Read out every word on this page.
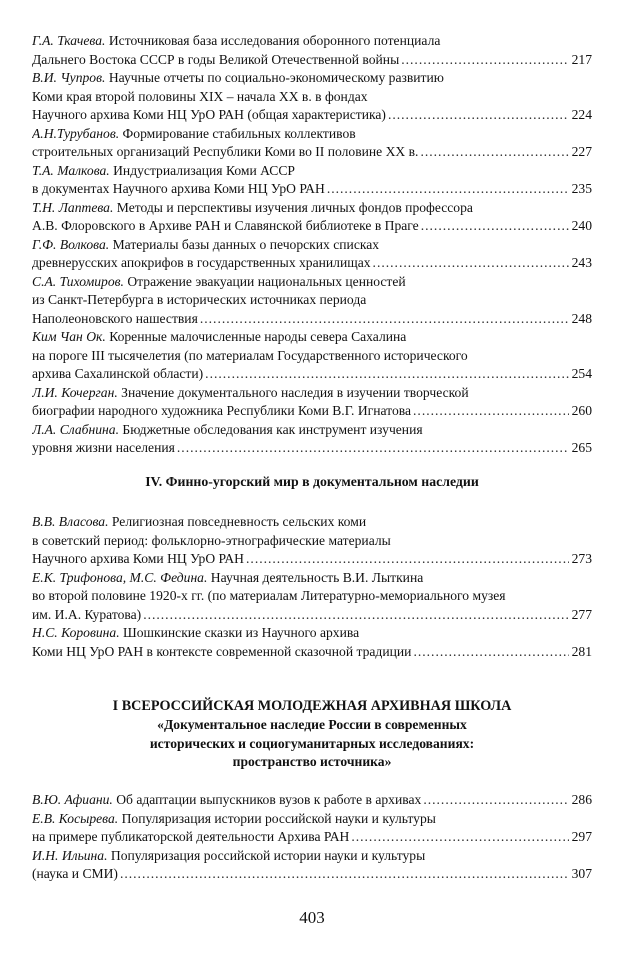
Г.А. Ткачева. Источниковая база исследования оборонного потенциала
Дальнего Востока СССР в годы Великой Отечественной войны .....	217
В.И. Чупров. Научные отчеты по социально-экономическому развитию
Коми края второй половины XIX – начала XX в. в фондах
Научного архива Коми НЦ УрО РАН (общая характеристика) .....	224
А.Н.Турубанов. Формирование стабильных коллективов
строительных организаций Республики Коми во II половине XX в. .....	227
Т.А. Малкова. Индустриализация Коми АССР
в документах Научного архива Коми НЦ УрО РАН .....	235
Т.Н. Лаптева. Методы и перспективы изучения личных фондов профессора
А.В. Флоровского в Архиве РАН и Славянской библиотеке в Праге .....	240
Г.Ф. Волкова. Материалы базы данных о печорских списках
древнерусских апокрифов в государственных хранилищах .....	243
С.А. Тихомиров. Отражение эвакуации национальных ценностей
из Санкт-Петербурга в исторических источниках периода
Наполеоновского нашествия .....	248
Ким Чан Ок. Коренные малочисленные народы севера Сахалина
на пороге III тысячелетия (по материалам Государственного исторического
архива Сахалинской области) .....	254
Л.И. Кочерган. Значение документального наследия в изучении творческой
биографии народного художника Республики Коми В.Г. Игнатова .....	260
Л.А. Слабнина. Бюджетные обследования как инструмент изучения
уровня жизни населения .....	265
IV. Финно-угорский мир в документальном наследии
В.В. Власова. Религиозная повседневность сельских коми
в советский период: фольклорно-этнографические материалы
Научного архива Коми НЦ УрО РАН .....	273
Е.К. Трифонова, М.С. Федина. Научная деятельность В.И. Лыткина
во второй половине 1920-х гг. (по материалам Литературно-мемориального музея
им. И.А. Куратова) .....	277
Н.С. Коровина. Шошкинские сказки из Научного архива
Коми НЦ УрО РАН в контексте современной сказочной традиции .....	281
I ВСЕРОССИЙСКАЯ МОЛОДЕЖНАЯ АРХИВНАЯ ШКОЛА
«Документальное наследие России в современных
исторических и социогуманитарных исследованиях:
пространство источника»
В.Ю. Афиани. Об адаптации выпускников вузов к работе в архивах .....	286
Е.В. Косырева. Популяризация истории российской науки и культуры
на примере публикаторской деятельности Архива РАН .....	297
И.Н. Ильина. Популяризация российской истории науки и культуры
(наука и СМИ) .....	307
403
